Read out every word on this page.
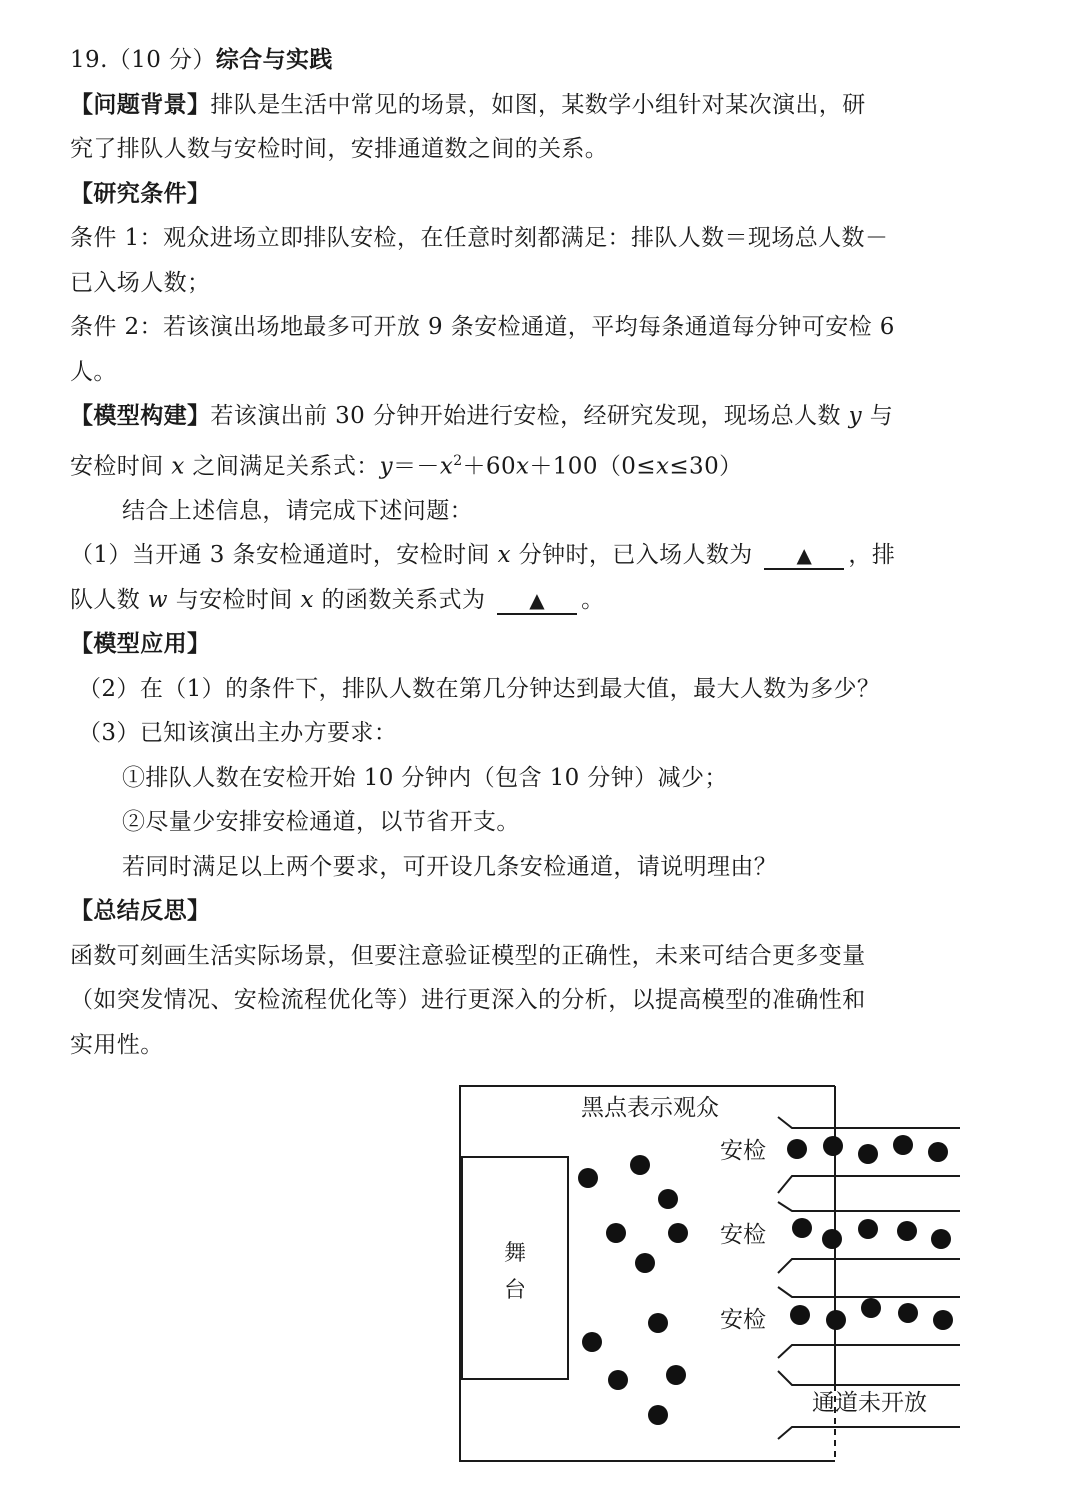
19.（10 分）综合与实践
【问题背景】排队是生活中常见的场景，如图，某数学小组针对某次演出，研
究了排队人数与安检时间，安排通道数之间的关系。
【研究条件】
条件 1：观众进场立即排队安检，在任意时刻都满足：排队人数＝现场总人数－
已入场人数；
条件 2：若该演出场地最多可开放 9 条安检通道，平均每条通道每分钟可安检 6
人。
【模型构建】若该演出前 30 分钟开始进行安检，经研究发现，现场总人数 y 与
安检时间 x 之间满足关系式：$y=-x^2+60x+100(0\le x\le 30)$
结合上述信息，请完成下述问题：
（1）当开通 3 条安检通道时，安检时间 x 分钟时，已入场人数为 ▲ ，排
队人数 w 与安检时间 x 的函数关系式为 ▲ 。
【模型应用】
（2）在（1）的条件下，排队人数在第几分钟达到最大值，最大人数为多少？
（3）已知该演出主办方要求：
①排队人数在安检开始 10 分钟内（包含 10 分钟）减少；
②尽量少安排安检通道，以节省开支。
若同时满足以上两个要求，可开设几条安检通道，请说明理由？
【总结反思】
函数可刻画生活实际场景，但要注意验证模型的正确性，未来可结合更多变量
（如突发情况、安检流程优化等）进行更深入的分析，以提高模型的准确性和
实用性。
舞
台
黑点表示观众
安检
安检
安检
通道未开放
